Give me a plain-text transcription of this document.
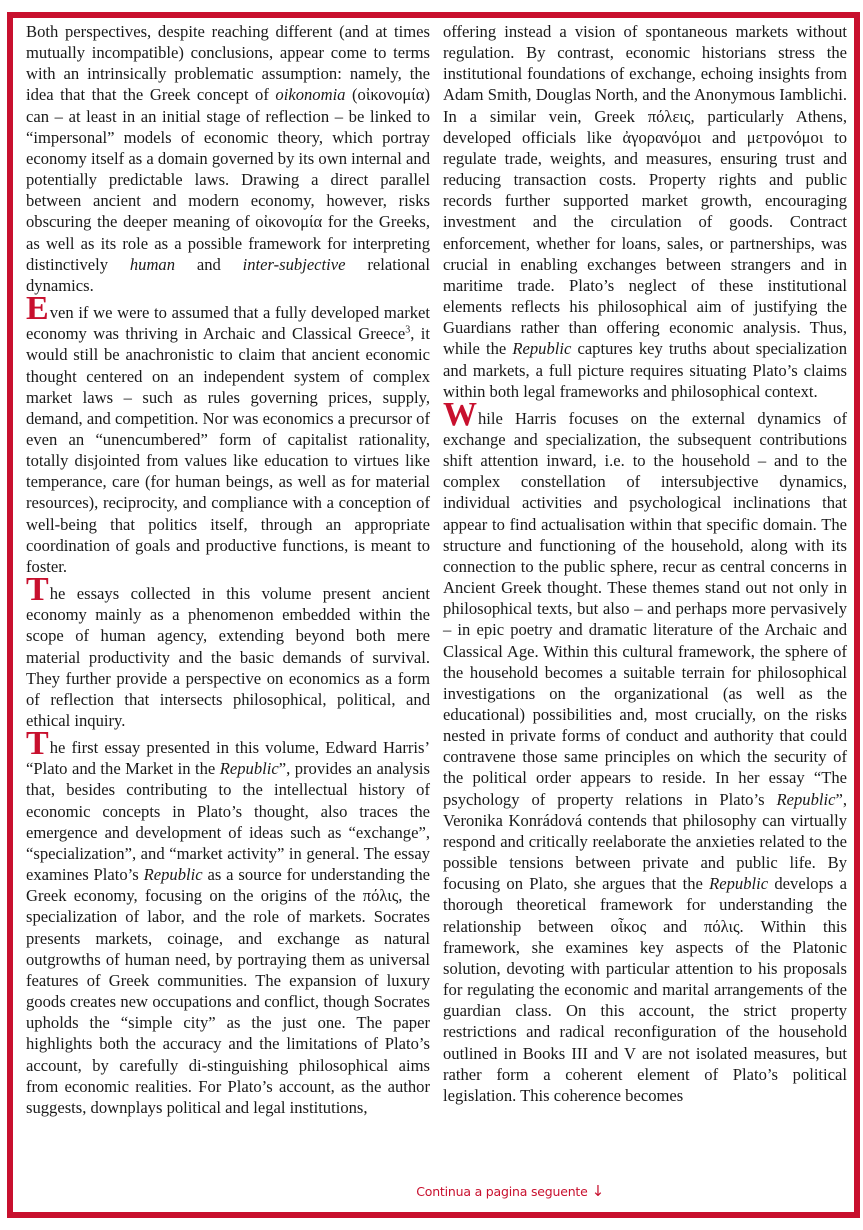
Both perspectives, despite reaching different (and at times mutually incompatible) conclusions, appear come to terms with an intrinsically problematic assumption: namely, the idea that that the Greek concept of oikonomia (οἰκονομία) can – at least in an initial stage of reflection – be linked to “impersonal” models of economic theory, which portray economy itself as a domain governed by its own internal and potentially predictable laws. Drawing a direct parallel between ancient and modern economy, however, risks obscuring the deeper meaning of οἰκονομία for the Greeks, as well as its role as a possible framework for interpreting distinctively human and inter-subjective relational dynamics.

Even if we were to assumed that a fully developed market economy was thriving in Archaic and Classical Greece$^3$, it would still be anachronistic to claim that ancient economic thought centered on an independent system of complex market laws – such as rules governing prices, supply, demand, and competition. Nor was economics a precursor of even an “unencumbered” form of capitalist rationality, totally disjointed from values like education to virtues like temperance, care (for human beings, as well as for material resources), reciprocity, and compliance with a conception of well-being that politics itself, through an appropriate coordination of goals and productive functions, is meant to foster.

The essays collected in this volume present ancient economy mainly as a phenomenon embedded within the scope of human agency, extending beyond both mere material productivity and the basic demands of survival. They further provide a perspective on economics as a form of reflection that intersects philosophical, political, and ethical inquiry.

The first essay presented in this volume, Edward Harris’ “Plato and the Market in the Republic”, provides an analysis that, besides contributing to the intellectual history of economic concepts in Plato’s thought, also traces the emergence and development of ideas such as “exchange”, “specialization”, and “market activity” in general. The essay examines Plato’s Republic as a source for understanding the Greek economy, focusing on the origins of the πόλις, the specialization of labor, and the role of markets. Socrates presents markets, coinage, and exchange as natural outgrowths of human need, by portraying them as universal features of Greek communities. The expansion of luxury goods creates new occupations and conflict, though Socrates upholds the “simple city” as the just one. The paper highlights both the accuracy and the limitations of Plato’s account, by carefully di-stinguishing philosophical aims from economic realities. For Plato’s account, as the author suggests, downplays political and legal institutions,

offering instead a vision of spontaneous markets without regulation. By contrast, economic historians stress the institutional foundations of exchange, echoing insights from Adam Smith, Douglas North, and the Anonymous Iamblichi. In a similar vein, Greek πόλεις, particularly Athens, developed officials like ἀγορανόμοι and μετρονόμοι to regulate trade, weights, and measures, ensuring trust and reducing transaction costs. Property rights and public records further supported market growth, encouraging investment and the circulation of goods. Contract enforcement, whether for loans, sales, or partnerships, was crucial in enabling exchanges between strangers and in maritime trade. Plato’s neglect of these institutional elements reflects his philosophical aim of justifying the Guardians rather than offering economic analysis. Thus, while the Republic captures key truths about specialization and markets, a full picture requires situating Plato’s claims within both legal frameworks and philosophical context.

While Harris focuses on the external dynamics of exchange and specialization, the subsequent contributions shift attention inward, i.e. to the household – and to the complex constellation of intersubjective dynamics, individual activities and psychological inclinations that appear to find actualisation within that specific domain. The structure and functioning of the household, along with its connection to the public sphere, recur as central concerns in Ancient Greek thought. These themes stand out not only in philosophical texts, but also – and perhaps more pervasively – in epic poetry and dramatic literature of the Archaic and Classical Age. Within this cultural framework, the sphere of the household becomes a suitable terrain for philosophical investigations on the organizational (as well as the educational) possibilities and, most crucially, on the risks nested in private forms of conduct and authority that could contravene those same principles on which the security of the political order appears to reside. In her essay “The psychology of property relations in Plato’s Republic”, Veronika Konrádová contends that philosophy can virtually respond and critically reelaborate the anxieties related to the possible tensions between private and public life. By focusing on Plato, she argues that the Republic develops a thorough theoretical framework for understanding the relationship between οἶκος and πόλις. Within this framework, she examines key aspects of the Platonic solution, devoting with particular attention to his proposals for regulating the economic and marital arrangements of the guardian class. On this account, the strict property restrictions and radical reconfiguration of the household outlined in Books III and V are not isolated measures, but rather form a coherent element of Plato’s political legislation. This coherence becomes

Continua a pagina seguente ↓
